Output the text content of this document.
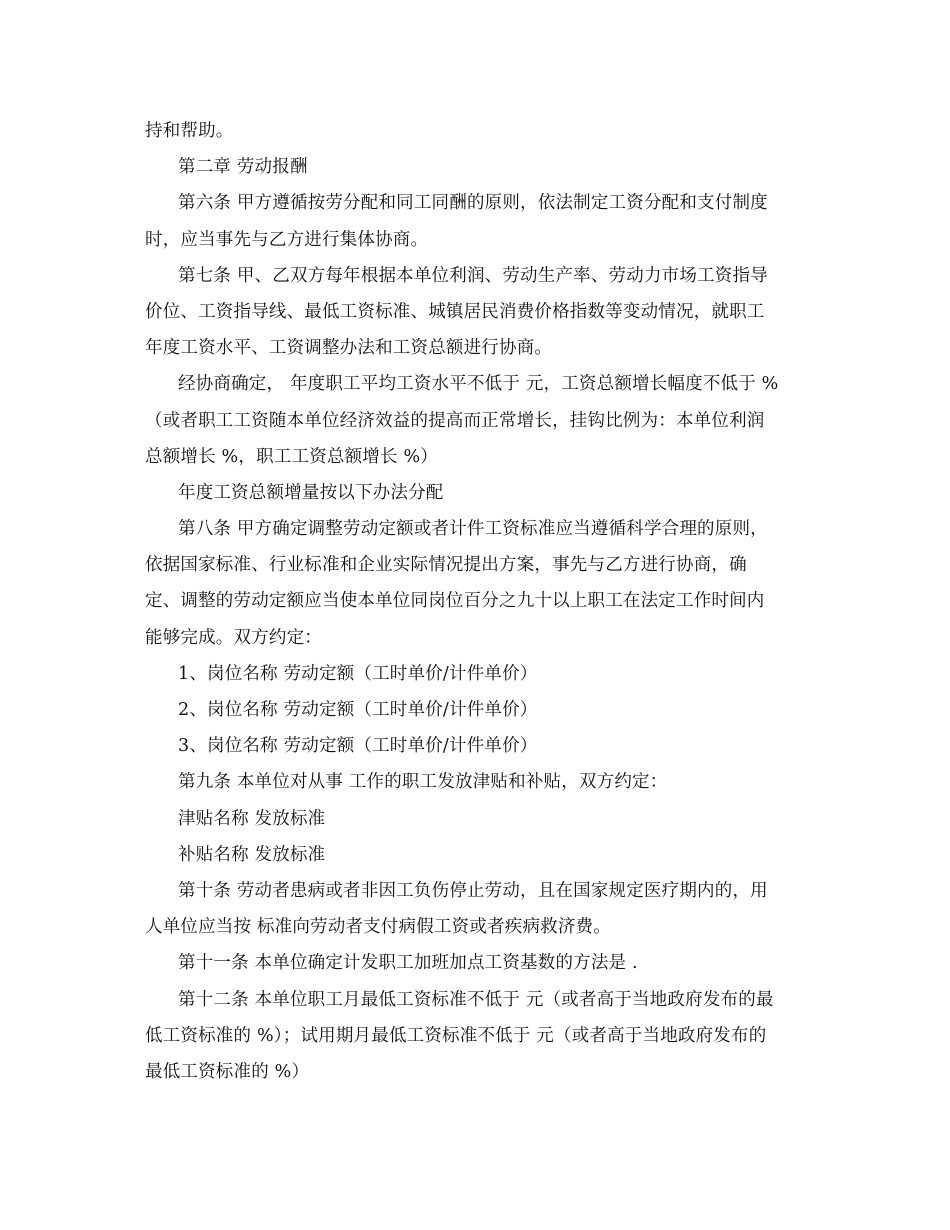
持和帮助。
第二章 劳动报酬
第六条 甲方遵循按劳分配和同工同酬的原则，依法制定工资分配和支付制度
时，应当事先与乙方进行集体协商。
第七条 甲、乙双方每年根据本单位利润、劳动生产率、劳动力市场工资指导
价位、工资指导线、最低工资标准、城镇居民消费价格指数等变动情况，就职工
年度工资水平、工资调整办法和工资总额进行协商。
经协商确定， 年度职工平均工资水平不低于 元，工资总额增长幅度不低于 %
（或者职工工资随本单位经济效益的提高而正常增长，挂钩比例为：本单位利润
总额增长 %，职工工资总额增长 %）
年度工资总额增量按以下办法分配
第八条 甲方确定调整劳动定额或者计件工资标准应当遵循科学合理的原则，
依据国家标准、行业标准和企业实际情况提出方案，事先与乙方进行协商，确
定、调整的劳动定额应当使本单位同岗位百分之九十以上职工在法定工作时间内
能够完成。双方约定：
1、岗位名称 劳动定额（工时单价/计件单价）
2、岗位名称 劳动定额（工时单价/计件单价）
3、岗位名称 劳动定额（工时单价/计件单价）
第九条 本单位对从事 工作的职工发放津贴和补贴，双方约定：
津贴名称 发放标准
补贴名称 发放标准
第十条 劳动者患病或者非因工负伤停止劳动，且在国家规定医疗期内的，用
人单位应当按 标准向劳动者支付病假工资或者疾病救济费。
第十一条 本单位确定计发职工加班加点工资基数的方法是 .
第十二条 本单位职工月最低工资标准不低于 元（或者高于当地政府发布的最
低工资标准的 %）；试用期月最低工资标准不低于 元（或者高于当地政府发布的
最低工资标准的 %）
